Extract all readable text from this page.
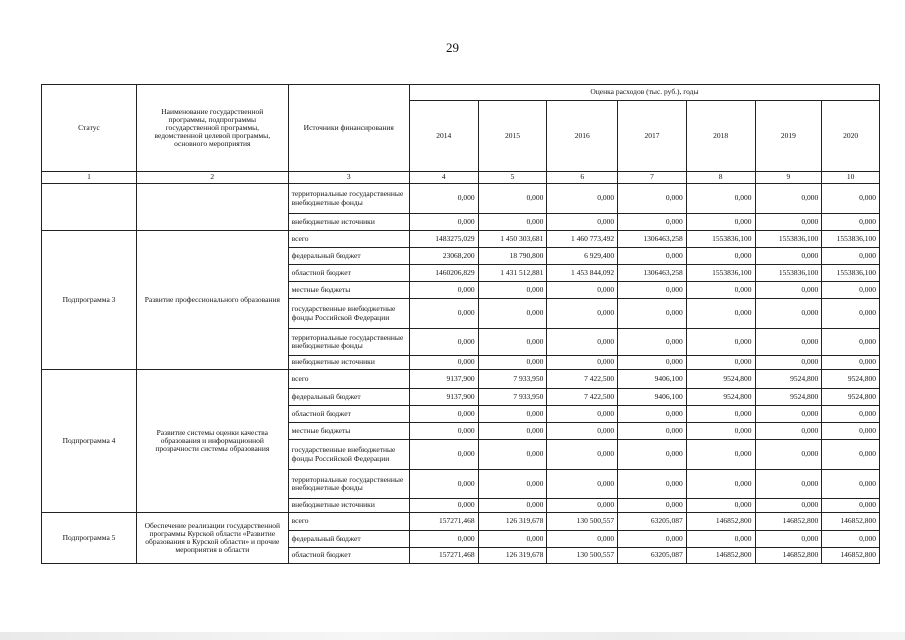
29
Статус	Наименование государственной программы, подпрограммы государственной программы, ведомственной целевой программы, основного мероприятия	Источники финансирования	Оценка расходов (тыс. руб.), годы						
			2014	2015	2016	2017	2018	2019	2020
1	2	3	4	5	6	7	8	9	10
		территориальные государственные внебюджетные фонды	0,000	0,000	0,000	0,000	0,000	0,000	0,000
		внебюджетные источники	0,000	0,000	0,000	0,000	0,000	0,000	0,000
Подпрограмма 3	Развитие профессионального образования	всего	1483275,029	1 450 303,681	1 460 773,492	1306463,258	1553836,100	1553836,100	1553836,100
		федеральный бюджет	23068,200	18 790,800	6 929,400	0,000	0,000	0,000	0,000
		областной бюджет	1460206,829	1 431 512,881	1 453 844,092	1306463,258	1553836,100	1553836,100	1553836,100
		местные бюджеты	0,000	0,000	0,000	0,000	0,000	0,000	0,000
		государственные внебюджетные фонды Российской Федерации	0,000	0,000	0,000	0,000	0,000	0,000	0,000
		территориальные государственные внебюджетные фонды	0,000	0,000	0,000	0,000	0,000	0,000	0,000
		внебюджетные источники	0,000	0,000	0,000	0,000	0,000	0,000	0,000
Подпрограмма 4	Развитие системы оценки качества образования и информационной прозрачности системы образования	всего	9137,900	7 933,950	7 422,500	9406,100	9524,800	9524,800	9524,800
		федеральный бюджет	9137,900	7 933,950	7 422,500	9406,100	9524,800	9524,800	9524,800
		областной бюджет	0,000	0,000	0,000	0,000	0,000	0,000	0,000
		местные бюджеты	0,000	0,000	0,000	0,000	0,000	0,000	0,000
		государственные внебюджетные фонды Российской Федерации	0,000	0,000	0,000	0,000	0,000	0,000	0,000
		территориальные государственные внебюджетные фонды	0,000	0,000	0,000	0,000	0,000	0,000	0,000
		внебюджетные источники	0,000	0,000	0,000	0,000	0,000	0,000	0,000
Подпрограмма 5	Обеспечение реализации государственной программы Курской области «Развитие образования в Курской области» и прочие мероприятия в области	всего	157271,468	126 319,678	130 500,557	63205,087	146852,800	146852,800	146852,800
		федеральный бюджет	0,000	0,000	0,000	0,000	0,000	0,000	0,000
		областной бюджет	157271,468	126 319,678	130 500,557	63205,087	146852,800	146852,800	146852,800
